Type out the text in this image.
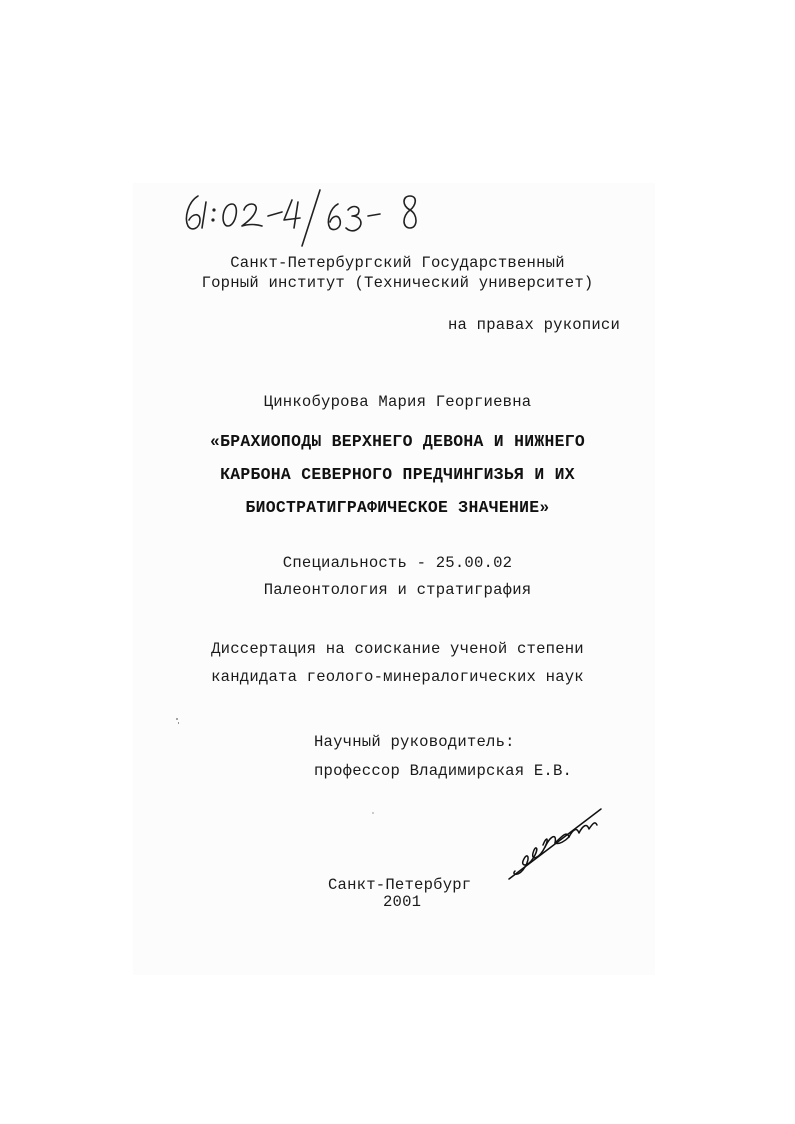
Санкт-Петербургский Государственный
Горный институт (Технический университет)
на правах рукописи
Цинкобурова Мария Георгиевна
«БРАХИОПОДЫ ВЕРХНЕГО ДЕВОНА И НИЖНЕГО
КАРБОНА СЕВЕРНОГО ПРЕДЧИНГИЗЬЯ И ИХ
БИОСТРАТИГРАФИЧЕСКОЕ ЗНАЧЕНИЕ»
Специальность - 25.00.02
Палеонтология и стратиграфия
Диссертация на соискание ученой степени
кандидата геолого-минералогических наук
Научный руководитель:
профессор Владимирская Е.В.
Санкт-Петербург
2001
